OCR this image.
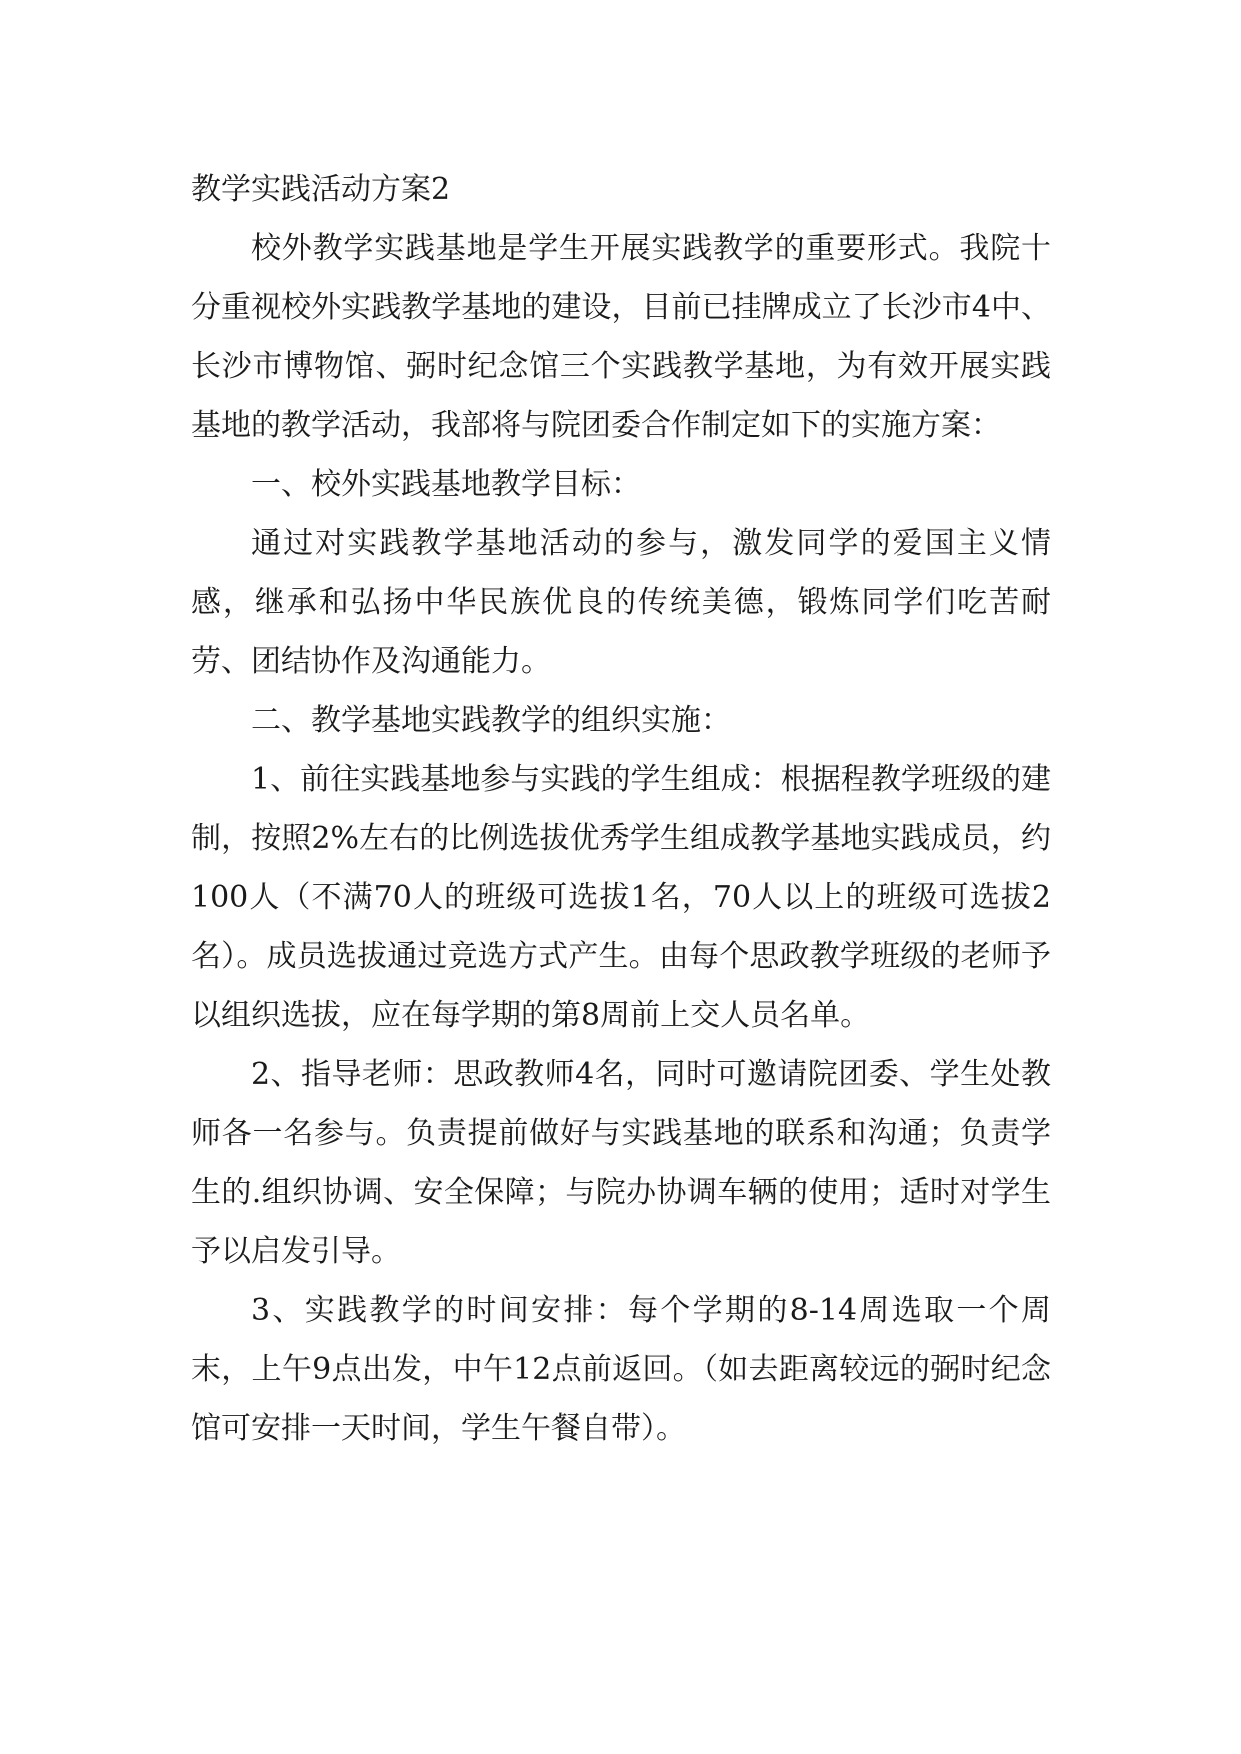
教学实践活动方案2

校外教学实践基地是学生开展实践教学的重要形式。我院十分重视校外实践教学基地的建设，目前已挂牌成立了长沙市4中、长沙市博物馆、弼时纪念馆三个实践教学基地，为有效开展实践基地的教学活动，我部将与院团委合作制定如下的实施方案：

一、校外实践基地教学目标：

通过对实践教学基地活动的参与，激发同学的爱国主义情感，继承和弘扬中华民族优良的传统美德，锻炼同学们吃苦耐劳、团结协作及沟通能力。

二、教学基地实践教学的组织实施：

1、前往实践基地参与实践的学生组成：根据程教学班级的建制，按照2%左右的比例选拔优秀学生组成教学基地实践成员，约100人（不满70人的班级可选拔1名，70人以上的班级可选拔2名）。成员选拔通过竞选方式产生。由每个思政教学班级的老师予以组织选拔，应在每学期的第8周前上交人员名单。

2、指导老师：思政教师4名，同时可邀请院团委、学生处教师各一名参与。负责提前做好与实践基地的联系和沟通；负责学生的.组织协调、安全保障；与院办协调车辆的使用；适时对学生予以启发引导。

3、实践教学的时间安排：每个学期的8-14周选取一个周末，上午9点出发，中午12点前返回。（如去距离较远的弼时纪念馆可安排一天时间，学生午餐自带）。
